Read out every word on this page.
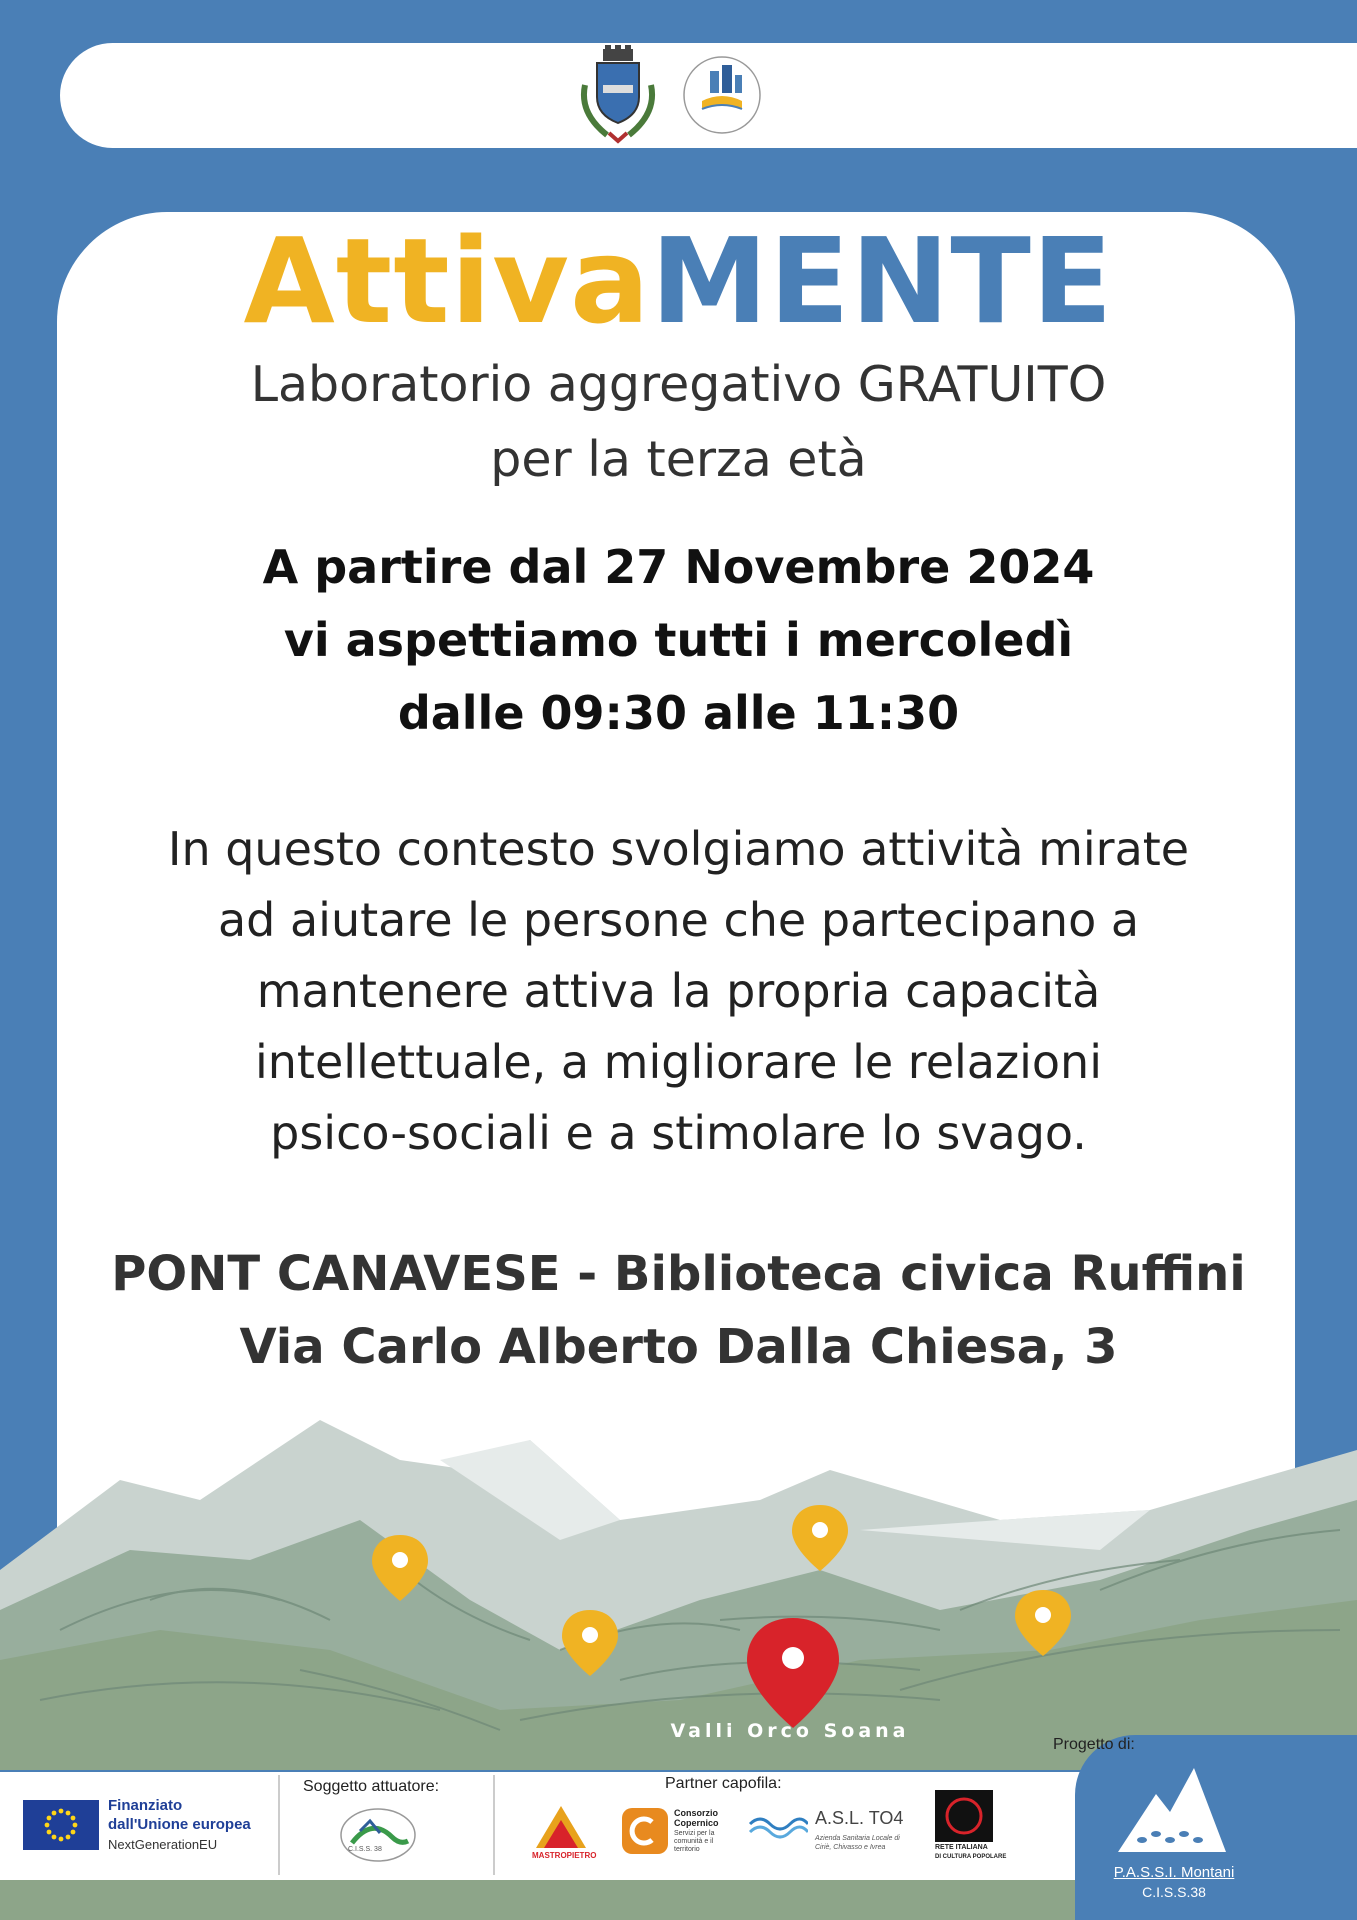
AttivaMENTE
Laboratorio aggregativo GRATUITO
per la terza età
A partire dal 27 Novembre 2024
vi aspettiamo tutti i mercoledì
dalle 09:30 alle 11:30
In questo contesto svolgiamo attività mirate
ad aiutare le persone che partecipano a
mantenere attiva la propria capacità
intellettuale, a migliorare le relazioni
psico-sociali e a stimolare lo svago.
PONT CANAVESE - Biblioteca civica Ruffini
Via Carlo Alberto Dalla Chiesa, 3
Valli Orco Soana
Finanziato
dall'Unione europea
NextGenerationEU
Soggetto attuatore:
C.I.S.S. 38
Partner capofila:
MASTROPIETRO
Consorzio
Copernico
Servizi per la comunità e il territorio
A.S.L. TO4
Azienda Sanitaria Locale di Ciriè, Chivasso e Ivrea	RETE ITALIANA
DI CULTURA POPOLARE
Progetto di:
P.A.S.S.I. Montani
C.I.S.S.38
